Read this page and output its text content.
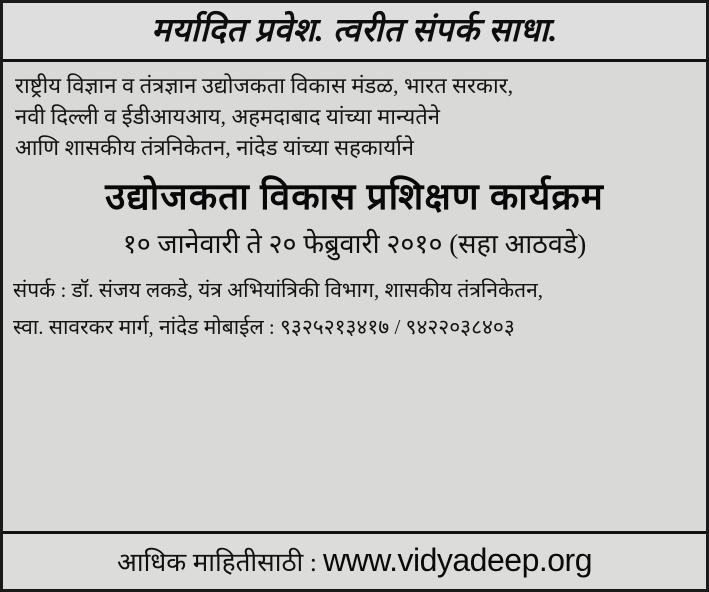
मर्यादित प्रवेश. त्वरीत संपर्क साधा.
राष्ट्रीय विज्ञान व तंत्रज्ञान उद्योजकता विकास मंडळ, भारत सरकार,
नवी दिल्ली व ईडीआयआय, अहमदाबाद यांच्या मान्यतेने
आणि शासकीय तंत्रनिकेतन, नांदेड यांच्या सहकार्याने
उद्योजकता विकास प्रशिक्षण कार्यक्रम
१० जानेवारी ते २० फेब्रुवारी २०१० (सहा आठवडे)
संपर्क : डॉ. संजय लकडे, यंत्र अभियांत्रिकी विभाग, शासकीय तंत्रनिकेतन,
स्वा. सावरकर मार्ग, नांदेड मोबाईल : ९३२५२१३४१७ / ९४२२०३८४०३
आधिक माहितीसाठी : www.vidyadeep.org
